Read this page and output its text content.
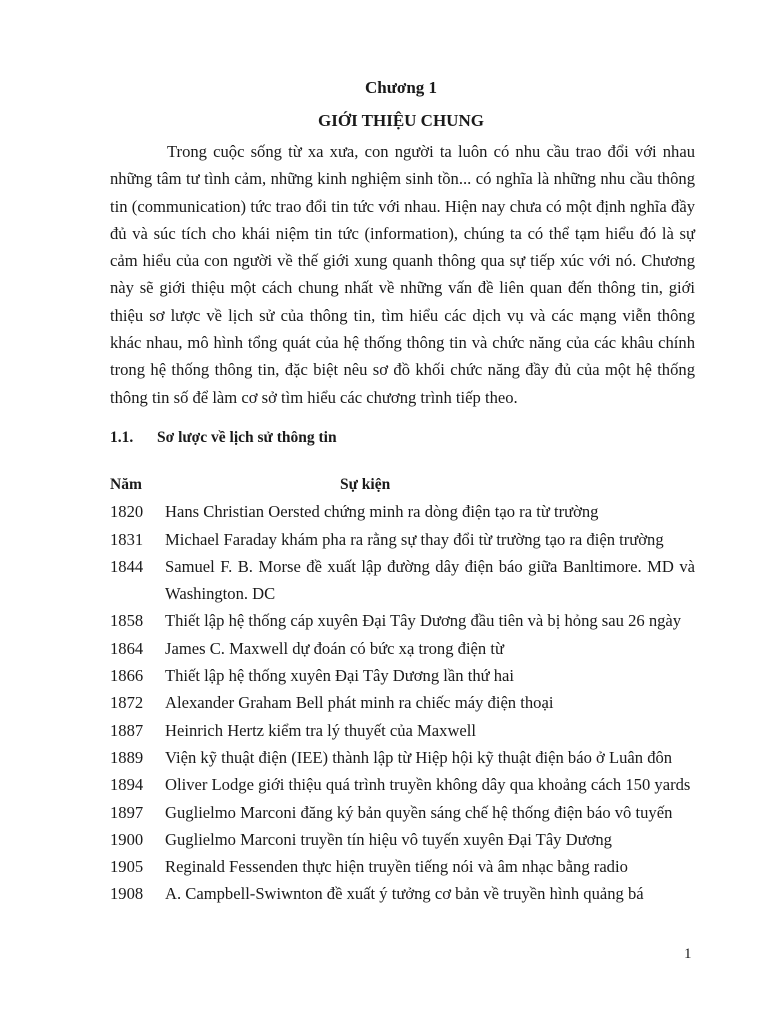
Chương 1
GIỚI THIỆU CHUNG

Trong cuộc sống từ xa xưa, con người ta luôn có nhu cầu trao đổi với nhau những tâm tư tình cảm, những kinh nghiệm sinh tồn... có nghĩa là những nhu cầu thông tin (communication) tức trao đổi tin tức với nhau. Hiện nay chưa có một định nghĩa đầy đủ và súc tích cho khái niệm tin tức (information), chúng ta có thể tạm hiểu đó là sự cảm hiểu của con người về thế giới xung quanh thông qua sự tiếp xúc với nó. Chương này sẽ giới thiệu một cách chung nhất về những vấn đề liên quan đến thông tin, giới thiệu sơ lược về lịch sử của thông tin, tìm hiểu các dịch vụ và các mạng viễn thông khác nhau, mô hình tổng quát của hệ thống thông tin và chức năng của các khâu chính trong hệ thống thông tin, đặc biệt nêu sơ đồ khối chức năng đầy đủ của một hệ thống thông tin số để làm cơ sở tìm hiểu các chương trình tiếp theo.

1.1. Sơ lược về lịch sử thông tin
Năm	Sự kiện
1820	Hans Christian Oersted chứng minh ra dòng điện tạo ra từ trường
1831	Michael Faraday khám pha ra rằng sự thay đổi từ trường tạo ra điện trường
1844	Samuel F. B. Morse đề xuất lập đường dây điện báo giữa Banltimore. MD và Washington. DC
1858	Thiết lập hệ thống cáp xuyên Đại Tây Dương đầu tiên và bị hỏng sau 26 ngày
1864	James C. Maxwell dự đoán có bức xạ trong điện từ
1866	Thiết lập hệ thống xuyên Đại Tây Dương lần thứ hai
1872	Alexander Graham Bell phát minh ra chiếc máy điện thoại
1887	Heinrich Hertz kiểm tra lý thuyết của Maxwell
1889	Viện kỹ thuật điện (IEE) thành lập từ Hiệp hội kỹ thuật điện báo ở Luân đôn
1894	Oliver Lodge giới thiệu quá trình truyền không dây qua khoảng cách 150 yards
1897	Guglielmo Marconi đăng ký bản quyền sáng chế hệ thống điện báo vô tuyến
1900	Guglielmo Marconi truyền tín hiệu vô tuyến xuyên Đại Tây Dương
1905	Reginald Fessenden thực hiện truyền tiếng nói và âm nhạc bằng radio
1908	A. Campbell-Swiwnton đề xuất ý tưởng cơ bản về truyền hình quảng bá
1
